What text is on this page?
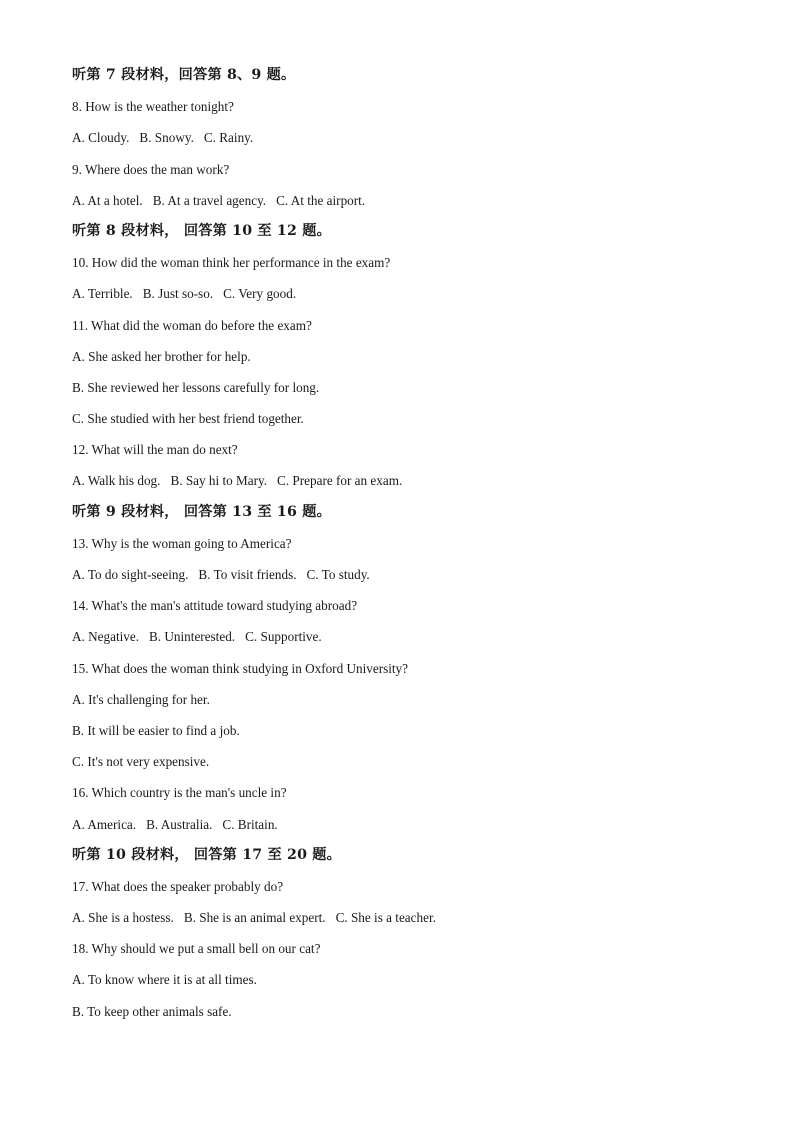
听第 7 段材料，回答第 8、9 题。
8. How is the weather tonight?
A. Cloudy. B. Snowy. C. Rainy.
9. Where does the man work?
A. At a hotel. B. At a travel agency. C. At the airport.
听第 8 段材料， 回答第 10 至 12 题。
10. How did the woman think her performance in the exam?
A. Terrible. B. Just so-so. C. Very good.
11. What did the woman do before the exam?
A. She asked her brother for help.
B. She reviewed her lessons carefully for long.
C. She studied with her best friend together.
12. What will the man do next?
A. Walk his dog. B. Say hi to Mary. C. Prepare for an exam.
听第 9 段材料， 回答第 13 至 16 题。
13. Why is the woman going to America?
A. To do sight-seeing. B. To visit friends. C. To study.
14. What's the man's attitude toward studying abroad?
A. Negative. B. Uninterested. C. Supportive.
15. What does the woman think studying in Oxford University?
A. It's challenging for her.
B. It will be easier to find a job.
C. It's not very expensive.
16. Which country is the man's uncle in?
A. America. B. Australia. C. Britain.
听第 10 段材料， 回答第 17 至 20 题。
17. What does the speaker probably do?
A. She is a hostess. B. She is an animal expert. C. She is a teacher.
18. Why should we put a small bell on our cat?
A. To know where it is at all times.
B. To keep other animals safe.
